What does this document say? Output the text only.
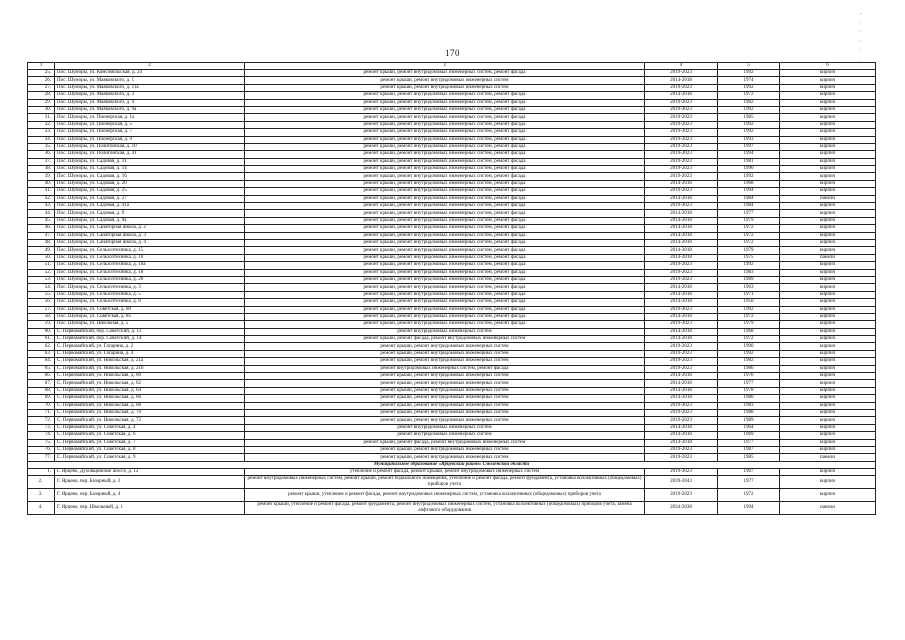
-
·
·
·
·
·
170
1	2	3	4	5	6
25.	Пос. Шуморы, ул. Комсомольская, д. 24	ремонт крыши, ремонт внутридомовых инженерных систем, ремонт фасада	2019-2023	1992	кирпич
26.	Пос. Шуморы, ул. Маяковского, д. 1	ремонт крыши, ремонт внутридомовых инженерных систем	2014-2018	1974	кирпич
27.	Пос. Шуморы, ул. Маяковского, д. 11а	ремонт крыши, ремонт внутридомовых инженерных систем	2019-2023	1992	кирпич
28.	Пос. Шуморы, ул. Маяковского, д. 3	ремонт крыши, ремонт внутридомовых инженерных систем, ремонт фасада	2014-2018	1972	кирпич
29.	Пос. Шуморы, ул. Маяковского, д. 9	ремонт крыши, ремонт внутридомовых инженерных систем, ремонт фасада	2019-2023	1982	кирпич
30.	Пос. Шуморы, ул. Маяковского, д. 9а	ремонт крыши, ремонт внутридомовых инженерных систем, ремонт фасада	2019-2023	1992	кирпич
31.	Пос. Шуморы, ул. Пионерская, д. 1а	ремонт крыши, ремонт внутридомовых инженерных систем, ремонт фасада	2019-2023	1985	кирпич
32.	Пос. Шуморы, ул. Пионерская, д. 5	ремонт крыши, ремонт внутридомовых инженерных систем, ремонт фасада	2019-2023	1992	кирпич
33.	Пос. Шуморы, ул. Пионерская, д. 7	ремонт крыши, ремонт внутридомовых инженерных систем, ремонт фасада	2019-2023	1992	кирпич
34.	Пос. Шуморы, ул. Пионерская, д. 9	ремонт крыши, ремонт внутридомовых инженерных систем, ремонт фасада	2019-2023	1993	кирпич
35.	Пос. Шуморы, ул. Полигонская, д. 10	ремонт крыши, ремонт внутридомовых инженерных систем, ремонт фасада	2019-2023	1997	кирпич
36.	Пос. Шуморы, ул. Полигонская, д. 41	ремонт крыши, ремонт внутридомовых инженерных систем, ремонт фасада	2019-2023	1994	кирпич
37.	Пос. Шуморы, ул. Садовая, д. 11	ремонт крыши, ремонт внутридомовых инженерных систем, ремонт фасада	2019-2023	1981	кирпич
38.	Пос. Шуморы, ул. Садовая, д. 14	ремонт крыши, ремонт внутридомовых инженерных систем, ремонт фасада	2019-2023	1990	кирпич
39.	Пос. Шуморы, ул. Садовая, д. 16	ремонт крыши, ремонт внутридомовых инженерных систем, ремонт фасада	2019-2023	1992	кирпич
40.	Пос. Шуморы, ул. Садовая, д. 20	ремонт крыши, ремонт внутридомовых инженерных систем, ремонт фасада	2014-2018	1968	кирпич
41.	Пос. Шуморы, ул. Садовая, д. 25	ремонт крыши, ремонт внутридомовых инженерных систем, ремонт фасада	2019-2023	1994	кирпич
42.	Пос. Шуморы, ул. Садовая, д. 27	ремонт крыши, ремонт внутридомовых инженерных систем, ремонт фасада	2014-2018	1984	панели
43.	Пос. Шуморы, ул. Садовая, д. 41а	ремонт крыши, ремонт внутридомовых инженерных систем, ремонт фасада	2019-2023	1984	кирпич
44.	Пос. Шуморы, ул. Садовая, д. 9	ремонт крыши, ремонт внутридомовых инженерных систем, ремонт фасада	2014-2018	1977	кирпич
45.	Пос. Шуморы, ул. Садовая, д. 9а	ремонт крыши, ремонт внутридомовых инженерных систем, ремонт фасада	2014-2018	1979	кирпич
46.	Пос. Шуморы, ул. Санаторная школа, д. 2	ремонт крыши, ремонт внутридомовых инженерных систем, ремонт фасада	2014-2018	1972	кирпич
47.	Пос. Шуморы, ул. Санаторная школа, д. 3	ремонт крыши, ремонт внутридомовых инженерных систем, ремонт фасада	2014-2018	1972	кирпич
48.	Пос. Шуморы, ул. Санаторная школа, д. 4	ремонт крыши, ремонт внутридомовых инженерных систем, ремонт фасада	2014-2018	1972	кирпич
49.	Пос. Шуморы, ул. Сельхозтехника, д. 15	ремонт крыши, ремонт внутридомовых инженерных систем, ремонт фасада	2014-2018	1979	кирпич
50.	Пос. Шуморы, ул. Сельхозтехника, д. 16	ремонт крыши, ремонт внутридомовых инженерных систем, ремонт фасада	2014-2018	1975	панели
51.	Пос. Шуморы, ул. Сельхозтехника, д. 16а	ремонт крыши, ремонт внутридомовых инженерных систем, ремонт фасада	2019-2023	1992	кирпич
52.	Пос. Шуморы, ул. Сельхозтехника, д. 18	ремонт крыши, ремонт внутридомовых инженерных систем, ремонт фасада	2019-2023	1983	кирпич
53.	Пос. Шуморы, ул. Сельхозтехника, д. 20	ремонт крыши, ремонт внутридомовых инженерных систем, ремонт фасада	2019-2023	1989	кирпич
54.	Пос. Шуморы, ул. Сельхозтехника, д. 3	ремонт крыши, ремонт внутридомовых инженерных систем, ремонт фасада	2014-2018	1963	кирпич
55.	Пос. Шуморы, ул. Сельхозтехника, д. 5	ремонт крыши, ремонт внутридомовых инженерных систем, ремонт фасада	2014-2018	1971	кирпич
56.	Пос. Шуморы, ул. Сельхозтехника, д. 8	ремонт крыши, ремонт внутридомовых инженерных систем, ремонт фасада	2014-2018	1950	кирпич
57.	Пос. Шуморы, ул. Советская, д. 80	ремонт крыши, ремонт внутридомовых инженерных систем, ремонт фасада	2019-2023	1992	кирпич
58.	Пос. Шуморы, ул. Советская, д. 85	ремонт крыши, ремонт внутридомовых инженерных систем, ремонт фасада	2014-2018	1972	кирпич
59.	Пос. Шуморы, ул. Школьная, д. 5	ремонт крыши, ремонт внутридомовых инженерных систем, ремонт фасада	2019-2023	1979	кирпич
60.	С. Первомайский, пер. Советский, д. 12	ремонт внутридомовых инженерных систем	2014-2018	1968	кирпич
61.	С. Первомайский, пер. Советский, д. 14	ремонт крыши, ремонт фасада, ремонт внутридомовых инженерных систем	2014-2018	1972	кирпич
62.	С. Первомайский, ул. Гагарина, д. 2	ремонт крыши, ремонт внутридомовых инженерных систем	2019-2023	1990	кирпич
63.	С. Первомайский, ул. Гагарина, д. 4	ремонт крыши, ремонт внутридомовых инженерных систем	2019-2023	1992	кирпич
64.	С. Первомайский, ул. Никольская, д. 21а	ремонт крыши, ремонт внутридомовых инженерных систем	2019-2023	1982	кирпич
65.	С. Первомайский, ул. Никольская, д. 21б	ремонт внутридомовых инженерных систем, ремонт фасада	2019-2023	1986	кирпич
66.	С. Первомайский, ул. Никольская, д. 60	ремонт крыши, ремонт внутридомовых инженерных систем	2014-2018	1976	кирпич
67.	С. Первомайский, ул. Никольская, д. 62	ремонт крыши, ремонт внутридомовых инженерных систем	2014-2018	1977	кирпич
68.	С. Первомайский, ул. Никольская, д. 64	ремонт крыши, ремонт внутридомовых инженерных систем	2014-2018	1978	кирпич
69.	С. Первомайский, ул. Никольская, д. 66	ремонт крыши, ремонт внутридомовых инженерных систем	2014-2018	1980	кирпич
70.	С. Первомайский, ул. Никольская, д. 68	ремонт крыши, ремонт внутридомовых инженерных систем	2019-2023	1983	кирпич
71.	С. Первомайский, ул. Никольская, д. 70	ремонт крыши, ремонт внутридомовых инженерных систем	2019-2023	1988	кирпич
72.	С. Первомайский, ул. Никольская, д. 72	ремонт крыши, ремонт внутридомовых инженерных систем	2019-2023	1989	кирпич
73.	С. Первомайский, ул. Советская, д. 4	ремонт внутридомовых инженерных систем	2014-2018	1964	кирпич
74.	С. Первомайский, ул. Советская, д. 6	ремонт внутридомовых инженерных систем	2014-2018	1969	кирпич
75.	С. Первомайский, ул. Советская, д. 7	ремонт крыши, ремонт фасада, ремонт внутридомовых инженерных систем	2014-2018	1977	кирпич
76.	С. Первомайский, ул. Советская, д. 8	ремонт крыши, ремонт внутридомовых инженерных систем	2019-2023	1987	кирпич
77.	С. Первомайский, ул. Советская, д. 9	ремонт крыши, ремонт внутридомовых инженерных систем	2019-2023	1985	панели
Муниципальное образование «Ярцевский район» Смоленской области					
1.	Г. Ярцево, Духовщинское шоссе, д. 12	утепление и ремонт фасада, ремонт крыши, ремонт внутридомовых инженерных систем	2019-2023	1967	кирпич
2.	Г. Ярцево, пер. Базарный, д. 3	ремонт внутридомовых инженерных систем, ремонт крыши, ремонт подвального помещения, утепление и ремонт фасада, ремонт фундамента, установка коллективных (общедомовых) приборов учета	2039-2043	1977	кирпич
3.	Г. Ярцево, пер. Базарный, д. 4	ремонт крыши, утепление и ремонт фасада, ремонт внутридомовых инженерных систем, установка коллективных (общедомовых) приборов учета	2019-2023	1972	кирпич
4.	Г. Ярцево, пер. Школьный, д. 1	ремонт крыши, утепление и ремонт фасада, ремонт фундамента, ремонт внутридомовых инженерных систем, установка коллективных (общедомовых) приборов учета, замена лифтового оборудования	2034-2038	1994	панели
